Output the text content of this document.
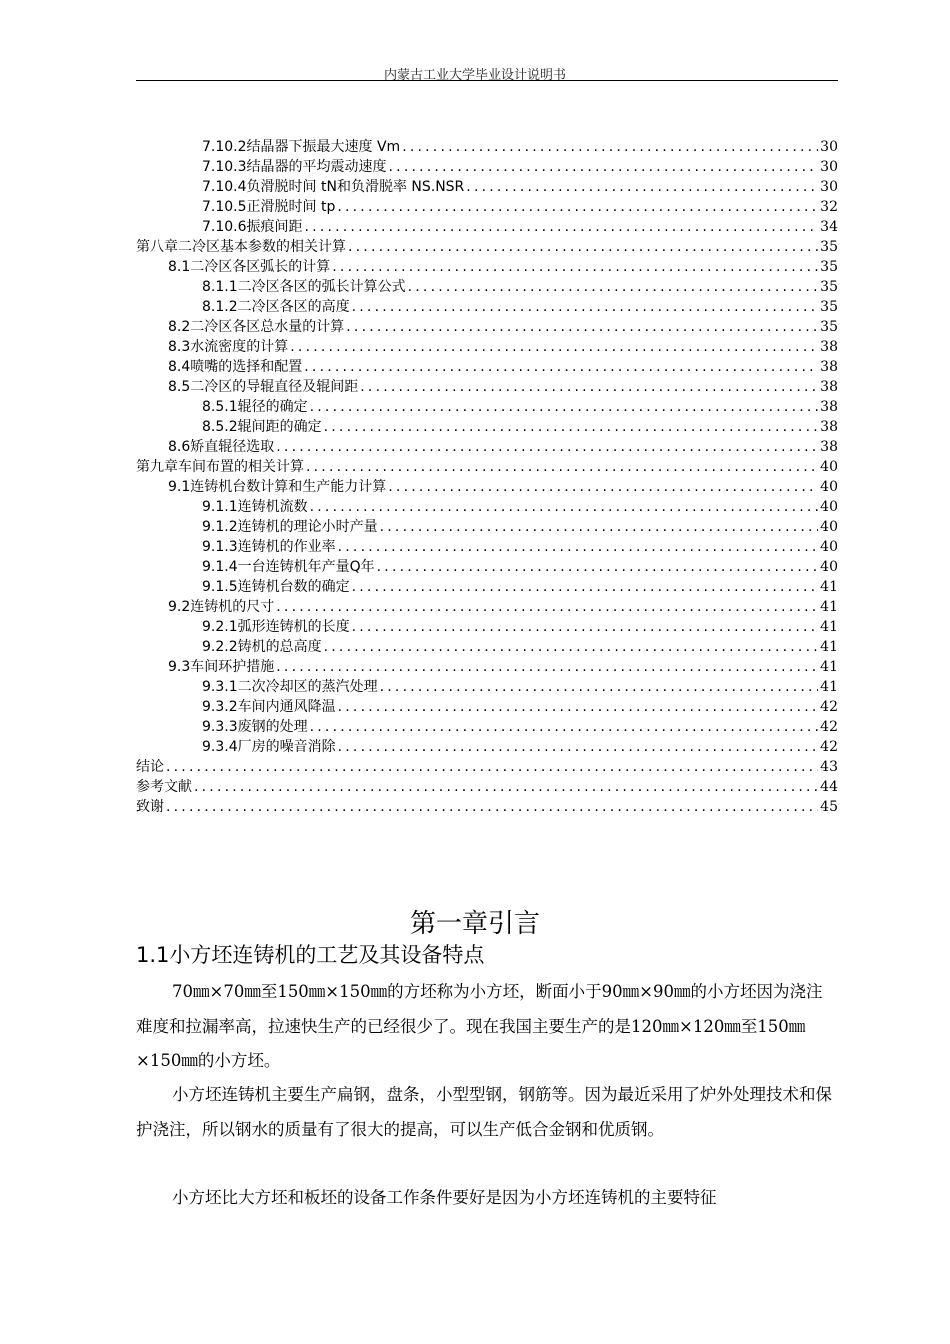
内蒙古工业大学毕业设计说明书
7.10.2结晶器下振最大速度 Vm .....	30
7.10.3结晶器的平均震动速度 .....	30
7.10.4负滑脱时间 tN和负滑脱率 NS.NSR .....	30
7.10.5正滑脱时间 tp .....	32
7.10.6振痕间距 .....	34
第八章二冷区基本参数的相关计算 .....	35
8.1二冷区各区弧长的计算 .....	35
8.1.1二冷区各区的弧长计算公式 .....	35
8.1.2二冷区各区的高度 .....	35
8.2二冷区各区总水量的计算 .....	35
8.3水流密度的计算 .....	38
8.4喷嘴的选择和配置 .....	38
8.5二冷区的导辊直径及辊间距 .....	38
8.5.1辊径的确定 .....	38
8.5.2辊间距的确定 .....	38
8.6矫直辊径选取 .....	38
第九章车间布置的相关计算 .....	40
9.1连铸机台数计算和生产能力计算 .....	40
9.1.1连铸机流数 .....	40
9.1.2连铸机的理论小时产量 .....	40
9.1.3连铸机的作业率 .....	40
9.1.4一台连铸机年产量Q年 .....	40
9.1.5连铸机台数的确定 .....	41
9.2连铸机的尺寸 .....	41
9.2.1弧形连铸机的长度 .....	41
9.2.2铸机的总高度 .....	41
9.3车间环护措施 .....	41
9.3.1二次冷却区的蒸汽处理 .....	41
9.3.2车间内通风降温 .....	42
9.3.3废钢的处理 .....	42
9.3.4厂房的噪音消除 .....	42
结论 .....	43
参考文献 .....	44
致谢 .....	45
第一章引言
1.1小方坯连铸机的工艺及其设备特点

70㎜×70㎜至150㎜×150㎜的方坯称为小方坯，断面小于90㎜×90㎜的小方坯因为浇注难度和拉漏率高，拉速快生产的已经很少了。现在我国主要生产的是120㎜×120㎜至150㎜×150㎜的小方坯。

小方坯连铸机主要生产扁钢，盘条，小型型钢，钢筋等。因为最近采用了炉外处理技术和保护浇注，所以钢水的质量有了很大的提高，可以生产低合金钢和优质钢。

小方坯比大方坯和板坯的设备工作条件要好是因为小方坯连铸机的主要特征
